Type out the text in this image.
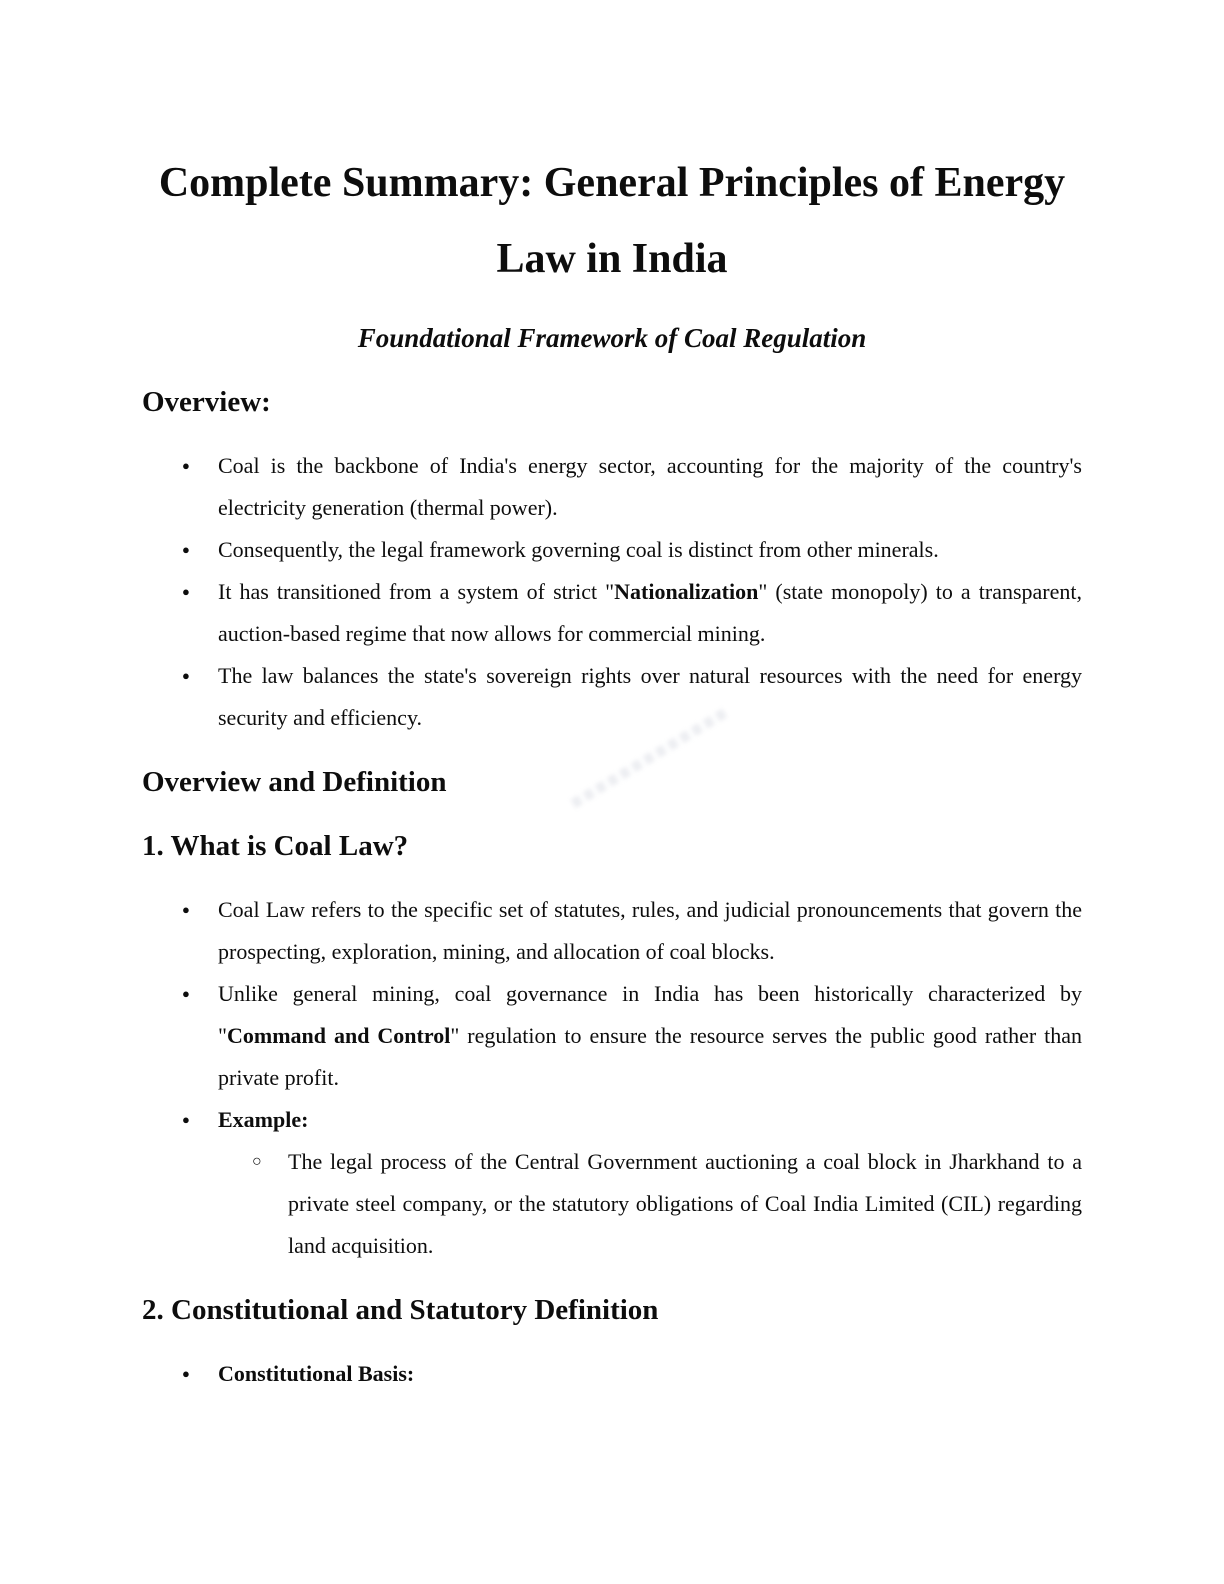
Complete Summary: General Principles of Energy Law in India

Foundational Framework of Coal Regulation

Overview:
●	Coal is the backbone of India's energy sector, accounting for the majority of the country's electricity generation (thermal power).
●	Consequently, the legal framework governing coal is distinct from other minerals.
●	It has transitioned from a system of strict "Nationalization" (state monopoly) to a transparent, auction-based regime that now allows for commercial mining.
●	The law balances the state's sovereign rights over natural resources with the need for energy security and efficiency.
Overview and Definition
1. What is Coal Law?
●	Coal Law refers to the specific set of statutes, rules, and judicial pronouncements that govern the prospecting, exploration, mining, and allocation of coal blocks.
●	Unlike general mining, coal governance in India has been historically characterized by "Command and Control" regulation to ensure the resource serves the public good rather than private profit.
●	Example:
○	The legal process of the Central Government auctioning a coal block in Jharkhand to a private steel company, or the statutory obligations of Coal India Limited (CIL) regarding land acquisition.
2. Constitutional and Statutory Definition
●	Constitutional Basis:
